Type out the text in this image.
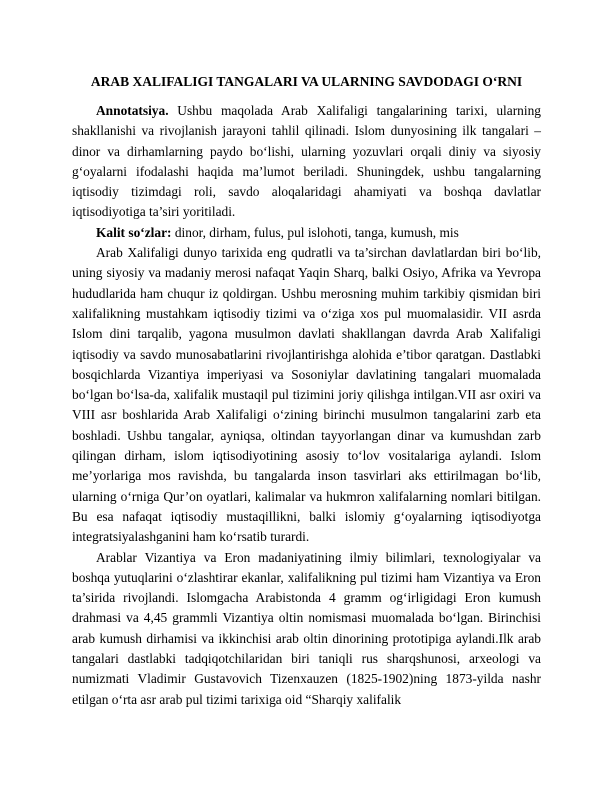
ARAB XALIFALIGI TANGALARI VA ULARNING SAVDODAGI O‘RNI

Annotatsiya. Ushbu maqolada Arab Xalifaligi tangalarining tarixi, ularning shakllanishi va rivojlanish jarayoni tahlil qilinadi. Islom dunyosining ilk tangalari – dinor va dirhamlarning paydo bo‘lishi, ularning yozuvlari orqali diniy va siyosiy g‘oyalarni ifodalashi haqida ma’lumot beriladi. Shuningdek, ushbu tangalarning iqtisodiy tizimdagi roli, savdo aloqalaridagi ahamiyati va boshqa davlatlar iqtisodiyotiga ta’siri yoritiladi.

Kalit so‘zlar: dinor, dirham, fulus, pul islohoti, tanga, kumush, mis

Arab Xalifaligi dunyo tarixida eng qudratli va ta’sirchan davlatlardan biri bo‘lib, uning siyosiy va madaniy merosi nafaqat Yaqin Sharq, balki Osiyo, Afrika va Yevropa hududlarida ham chuqur iz qoldirgan. Ushbu merosning muhim tarkibiy qismidan biri xalifalikning mustahkam iqtisodiy tizimi va o‘ziga xos pul muomalasidir. VII asrda Islom dini tarqalib, yagona musulmon davlati shakllangan davrda Arab Xalifaligi iqtisodiy va savdo munosabatlarini rivojlantirishga alohida e’tibor qaratgan. Dastlabki bosqichlarda Vizantiya imperiyasi va Sosoniylar davlatining tangalari muomalada bo‘lgan bo‘lsa-da, xalifalik mustaqil pul tizimini joriy qilishga intilgan.VII asr oxiri va VIII asr boshlarida Arab Xalifaligi o‘zining birinchi musulmon tangalarini zarb eta boshladi. Ushbu tangalar, ayniqsa, oltindan tayyorlangan dinar va kumushdan zarb qilingan dirham, islom iqtisodiyotining asosiy to‘lov vositalariga aylandi. Islom me’yorlariga mos ravishda, bu tangalarda inson tasvirlari aks ettirilmagan bo‘lib, ularning o‘rniga Qur’on oyatlari, kalimalar va hukmron xalifalarning nomlari bitilgan. Bu esa nafaqat iqtisodiy mustaqillikni, balki islomiy g‘oyalarning iqtisodiyotga integratsiyalashganini ham ko‘rsatib turardi.

Arablar Vizantiya va Eron madaniyatining ilmiy bilimlari, texnologiyalar va boshqa yutuqlarini o‘zlashtirar ekanlar, xalifalikning pul tizimi ham Vizantiya va Eron ta’sirida rivojlandi. Islomgacha Arabistonda 4 gramm og‘irligidagi Eron kumush drahmasi va 4,45 grammli Vizantiya oltin nomismasi muomalada bo‘lgan. Birinchisi arab kumush dirhamisi va ikkinchisi arab oltin dinorining prototipiga aylandi.Ilk arab tangalari dastlabki tadqiqotchilaridan biri taniqli rus sharqshunosi, arxeologi va numizmati Vladimir Gustavovich Tizenxauzen (1825-1902)ning 1873-yilda nashr etilgan o‘rta asr arab pul tizimi tarixiga oid “Sharqiy xalifalik
